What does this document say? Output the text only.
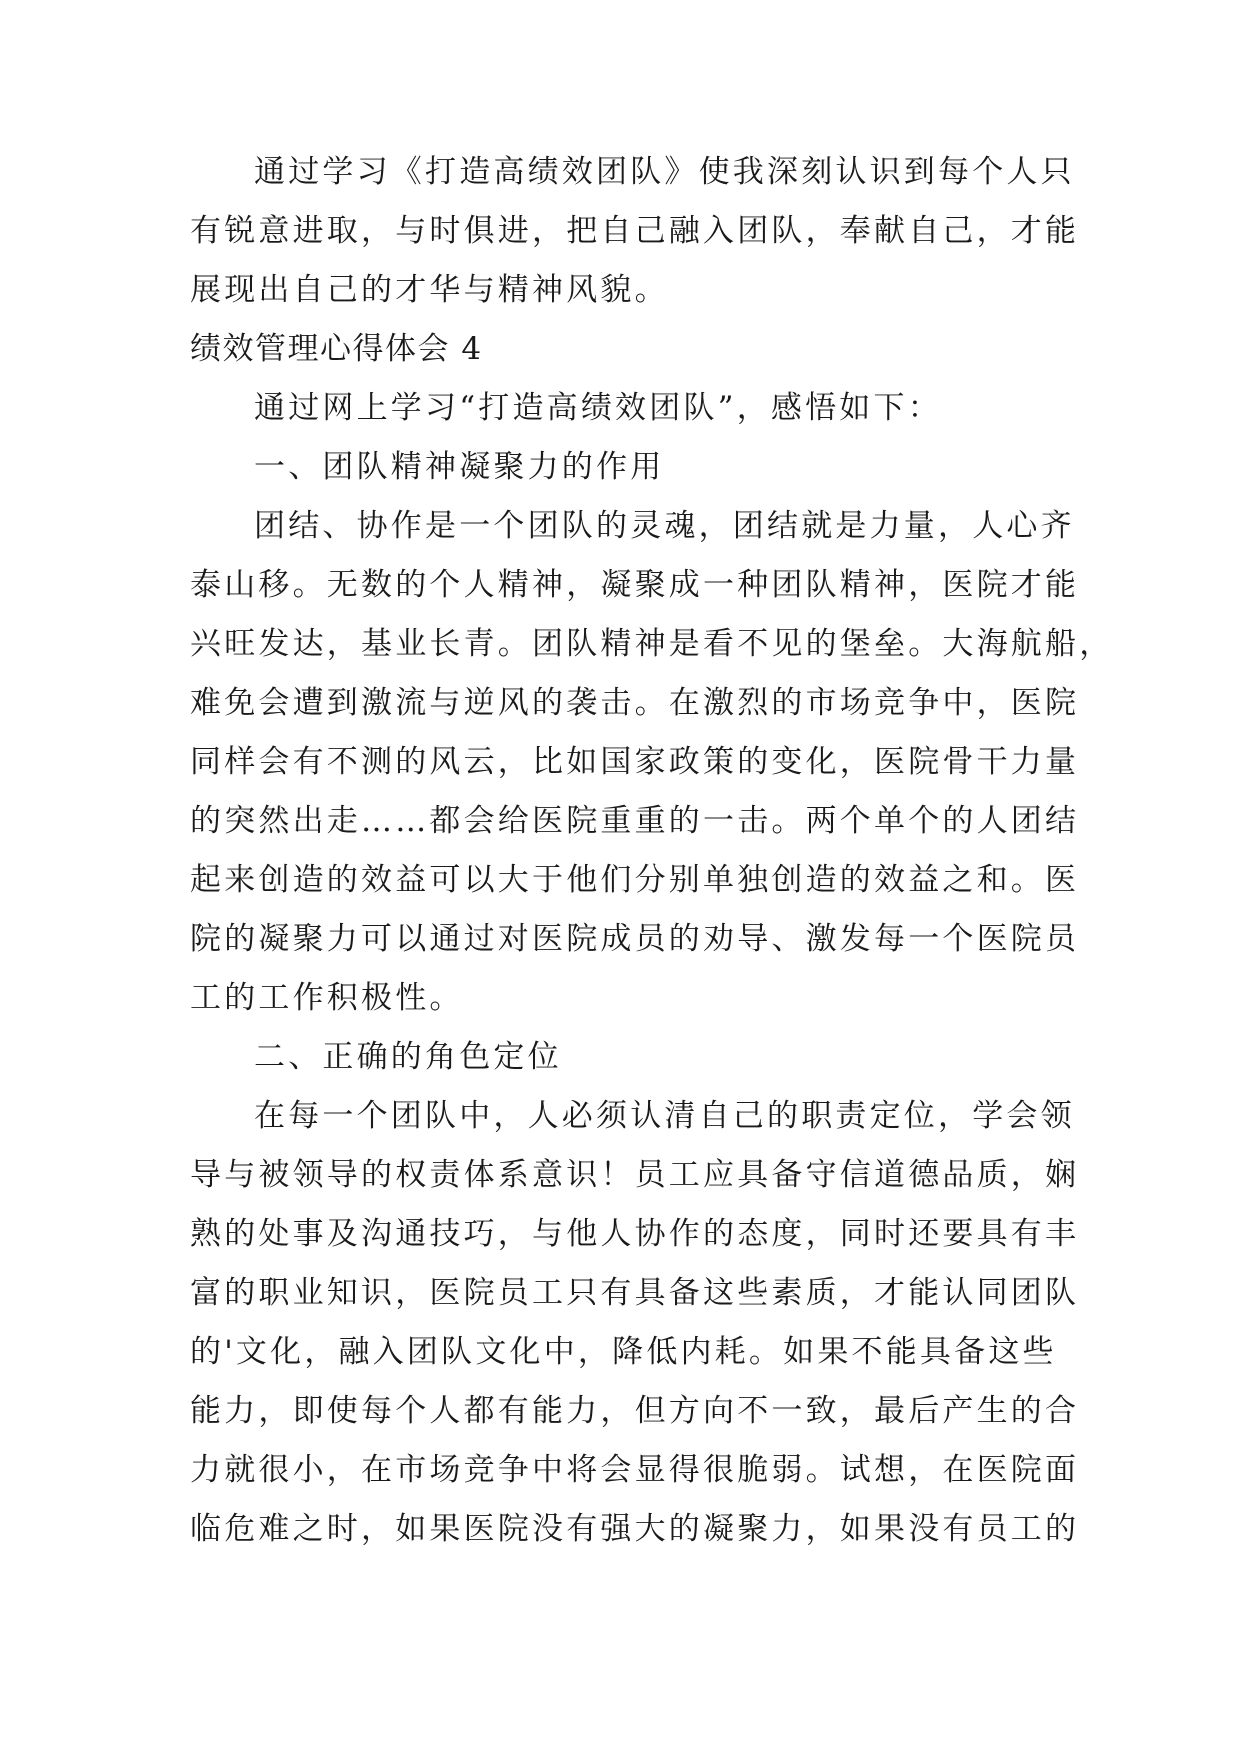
通过学习《打造高绩效团队》使我深刻认识到每个人只
有锐意进取，与时俱进，把自己融入团队，奉献自己，才能
展现出自己的才华与精神风貌。
绩效管理心得体会 4
通过网上学习“打造高绩效团队”，感悟如下：
一、团队精神凝聚力的作用
团结、协作是一个团队的灵魂，团结就是力量，人心齐
泰山移。无数的个人精神，凝聚成一种团队精神，医院才能
兴旺发达，基业长青。团队精神是看不见的堡垒。大海航船，
难免会遭到激流与逆风的袭击。在激烈的市场竞争中，医院
同样会有不测的风云，比如国家政策的变化，医院骨干力量
的突然出走……都会给医院重重的一击。两个单个的人团结
起来创造的效益可以大于他们分别单独创造的效益之和。医
院的凝聚力可以通过对医院成员的劝导、激发每一个医院员
工的工作积极性。
二、正确的角色定位
在每一个团队中，人必须认清自己的职责定位，学会领
导与被领导的权责体系意识！员工应具备守信道德品质，娴
熟的处事及沟通技巧，与他人协作的态度，同时还要具有丰
富的职业知识，医院员工只有具备这些素质，才能认同团队
的'文化，融入团队文化中，降低内耗。如果不能具备这些
能力，即使每个人都有能力，但方向不一致，最后产生的合
力就很小，在市场竞争中将会显得很脆弱。试想，在医院面
临危难之时，如果医院没有强大的凝聚力，如果没有员工的
